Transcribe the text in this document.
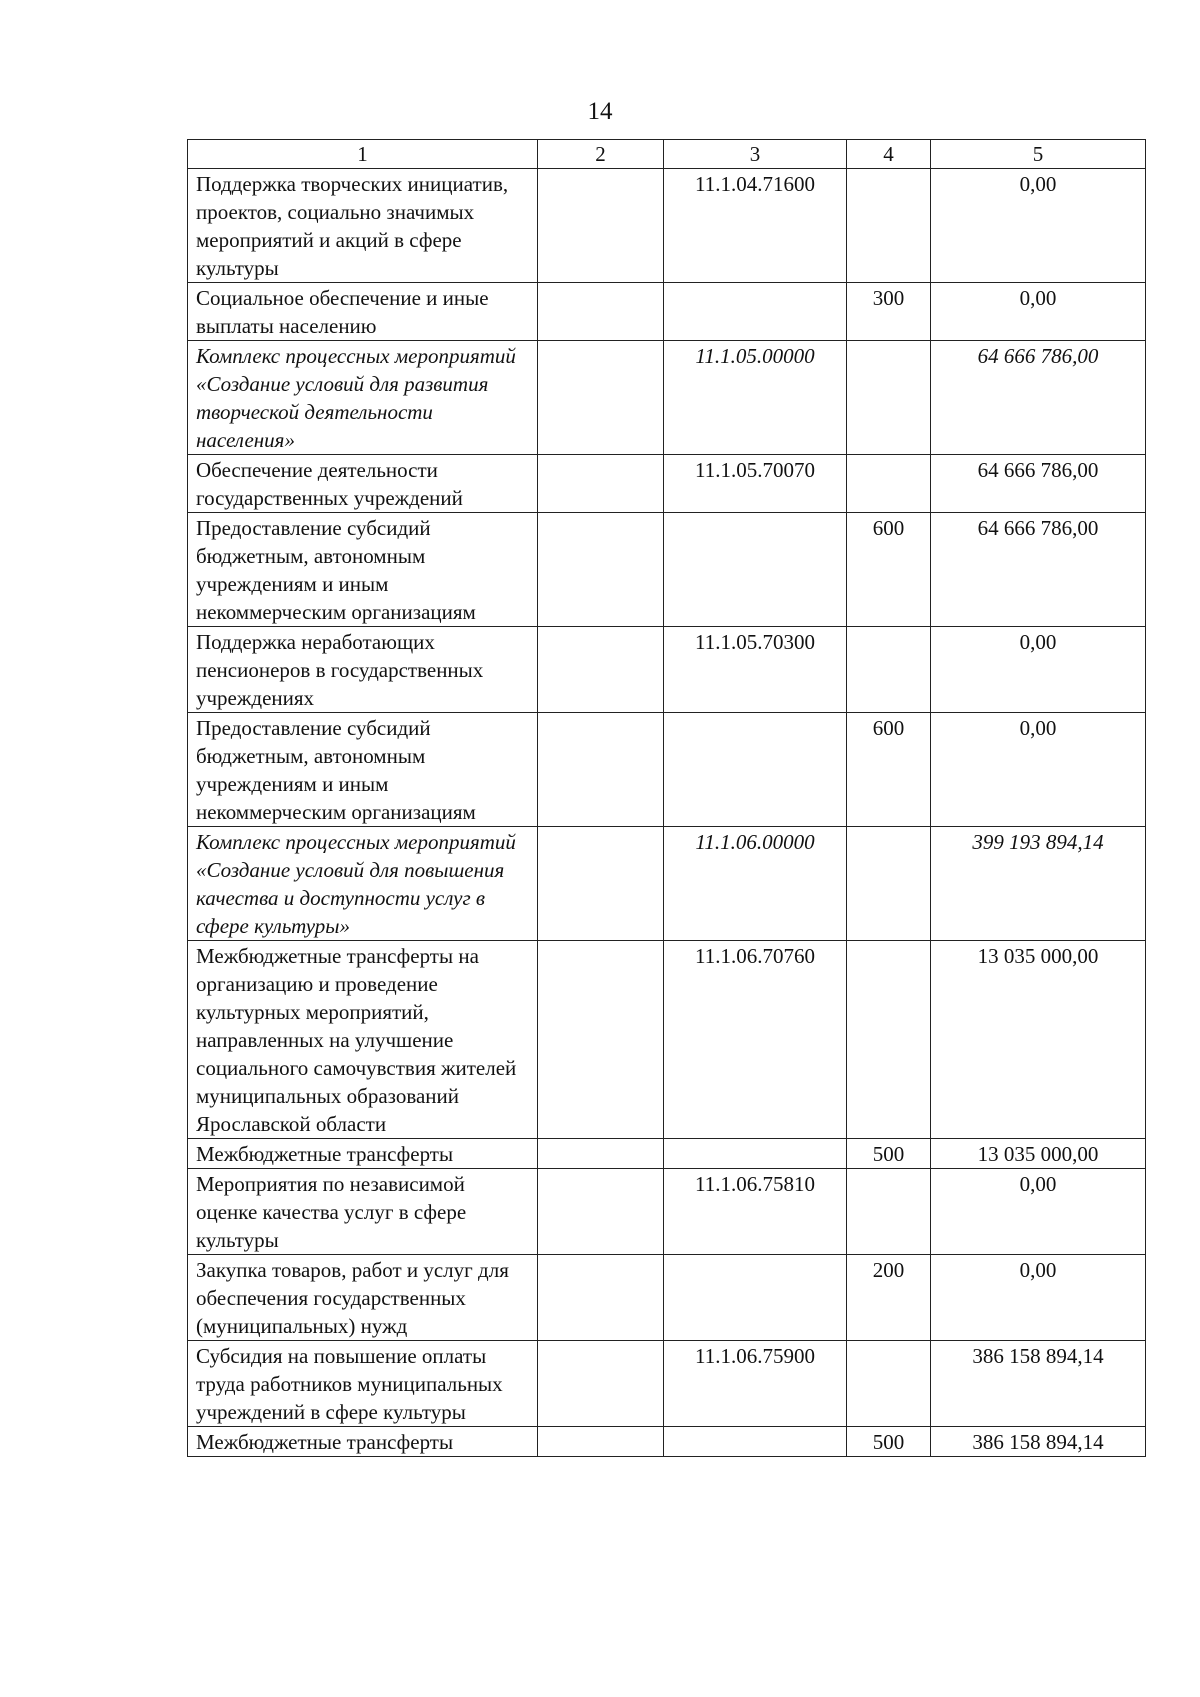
14
1	2	3	4	5
Поддержка творческих инициатив, проектов, социально значимых мероприятий и акций в сфере культуры		11.1.04.71600		0,00
Социальное обеспечение и иные выплаты населению			300	0,00
Комплекс процессных мероприятий «Создание условий для развития творческой деятельности населения»		11.1.05.00000		64 666 786,00
Обеспечение деятельности государственных учреждений		11.1.05.70070		64 666 786,00
Предоставление субсидий бюджетным, автономным учреждениям и иным некоммерческим организациям			600	64 666 786,00
Поддержка неработающих пенсионеров в государственных учреждениях		11.1.05.70300		0,00
Предоставление субсидий бюджетным, автономным учреждениям и иным некоммерческим организациям			600	0,00
Комплекс процессных мероприятий «Создание условий для повышения качества и доступности услуг в сфере культуры»		11.1.06.00000		399 193 894,14
Межбюджетные трансферты на организацию и проведение культурных мероприятий, направленных на улучшение социального самочувствия жителей муниципальных образований Ярославской области		11.1.06.70760		13 035 000,00
Межбюджетные трансферты			500	13 035 000,00
Мероприятия по независимой оценке качества услуг в сфере культуры		11.1.06.75810		0,00
Закупка товаров, работ и услуг для обеспечения государственных (муниципальных) нужд			200	0,00
Субсидия на повышение оплаты труда работников муниципальных учреждений в сфере культуры		11.1.06.75900		386 158 894,14
Межбюджетные трансферты			500	386 158 894,14
